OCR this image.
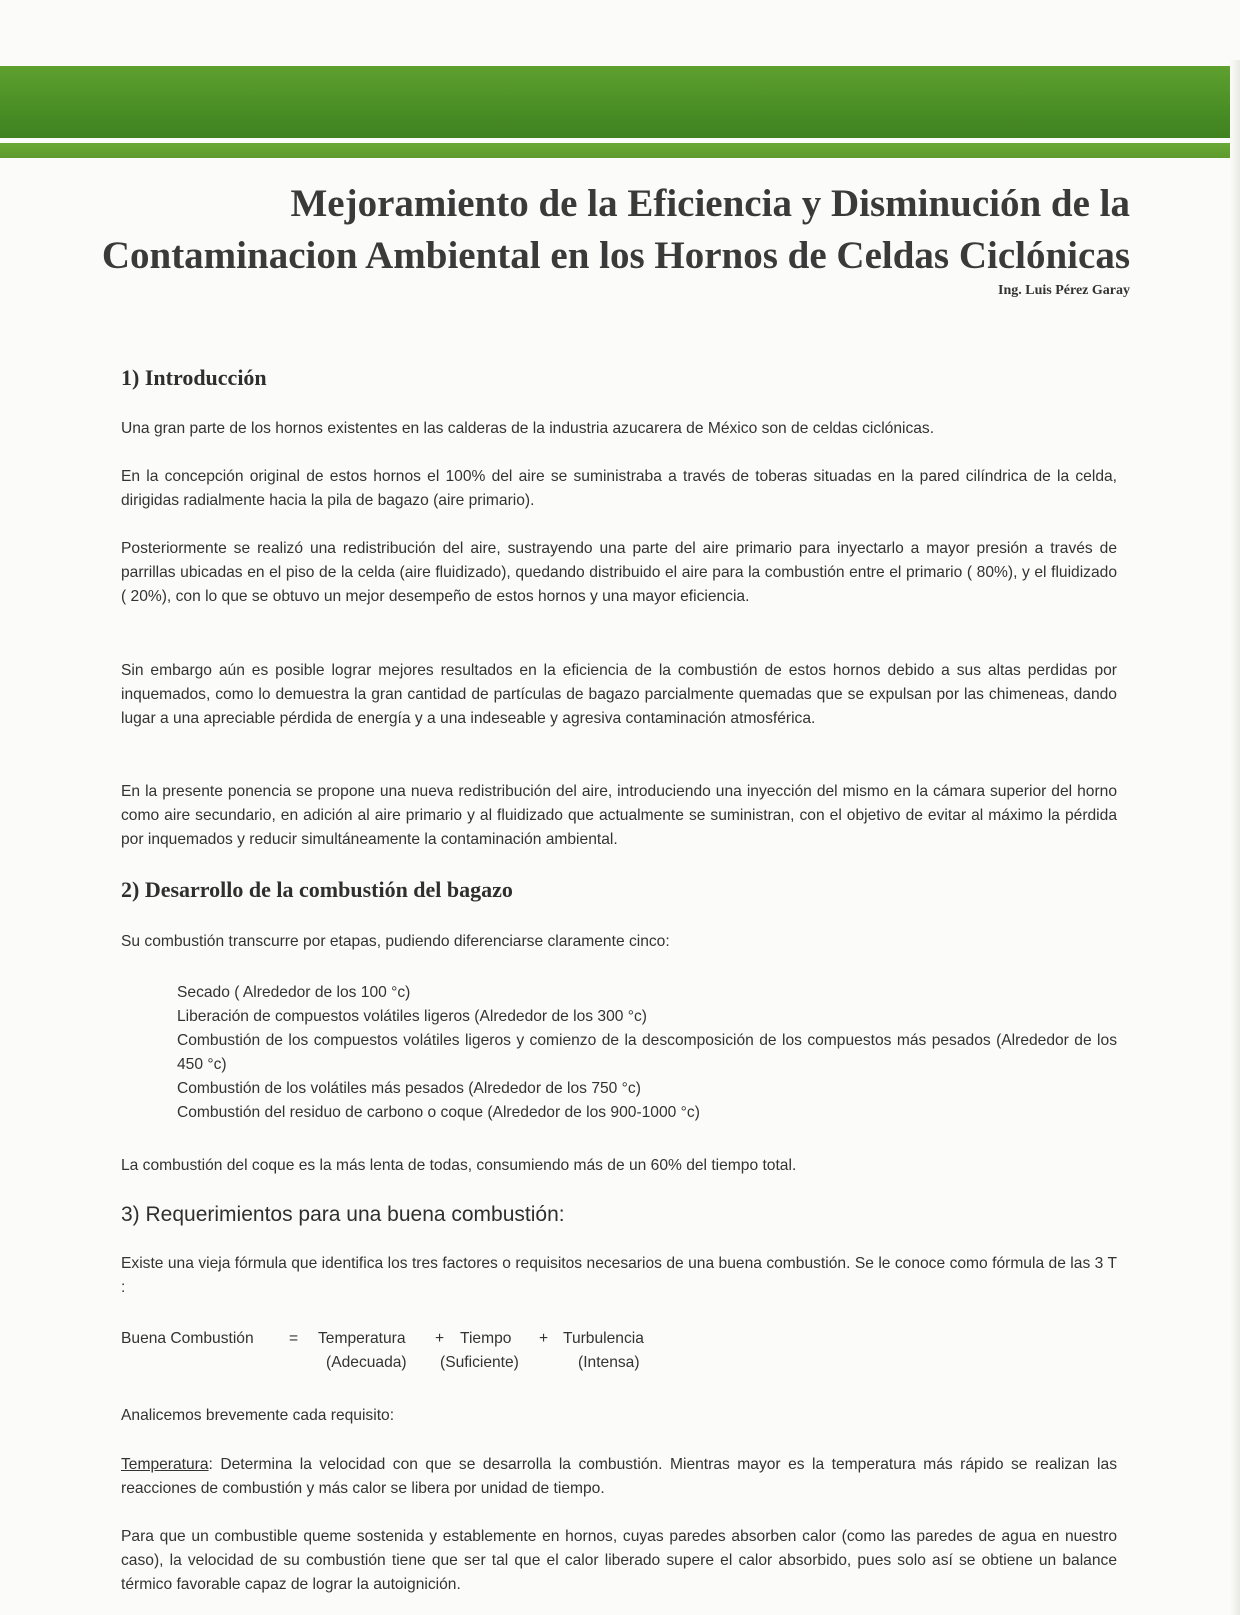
Mejoramiento de la Eficiencia y Disminución de la
Contaminacion Ambiental en los Hornos de Celdas Ciclónicas
Ing. Luis Pérez Garay
1) Introducción

Una gran parte de los hornos existentes en las calderas de la industria azucarera de México son de celdas ciclónicas.

En la concepción original de estos hornos el 100% del aire se suministraba a través de toberas situadas en la pared cilíndrica de la celda, dirigidas radialmente hacia la pila de bagazo (aire primario).

Posteriormente se realizó una redistribución del aire, sustrayendo una parte del aire primario para inyectarlo a mayor presión a través de parrillas ubicadas en el piso de la celda (aire fluidizado), quedando distribuido el aire para la combustión entre el primario ( 80%), y el fluidizado ( 20%), con lo que se obtuvo un mejor desempeño de estos hornos y una mayor eficiencia.

Sin embargo aún es posible lograr mejores resultados en la eficiencia de la combustión de estos hornos debido a sus altas perdidas por inquemados, como lo demuestra la gran cantidad de partículas de bagazo parcialmente quemadas que se expulsan por las chimeneas, dando lugar a una apreciable pérdida de energía y a una indeseable y agresiva contaminación atmosférica.

En la presente ponencia se propone una nueva redistribución del aire, introduciendo una inyección del mismo en la cámara superior del horno como aire secundario, en adición al aire primario y al fluidizado que actualmente se suministran, con el objetivo de evitar al máximo la pérdida por inquemados y reducir simultáneamente la contaminación ambiental.

2) Desarrollo de la combustión del bagazo

Su combustión transcurre por etapas, pudiendo diferenciarse claramente cinco:

Secado ( Alrededor de los 100 °c)
Liberación de compuestos volátiles ligeros (Alrededor de los 300 °c)
Combustión de los compuestos volátiles ligeros y comienzo de la descomposición de los compuestos más pesados (Alrededor de los 450 °c)
Combustión de los volátiles más pesados (Alrededor de los 750 °c)
Combustión del residuo de carbono o coque (Alrededor de los 900-1000 °c)

La combustión del coque es la más lenta de todas, consumiendo más de un 60% del tiempo total.

3) Requerimientos para una buena combustión:

Existe una vieja fórmula que identifica los tres factores o requisitos necesarios de una buena combustión. Se le conoce como fórmula de las 3 T :

Buena Combustión = Temperatura + Tiempo + Turbulencia
(Adecuada) (Suficiente)	(Intensa)

Analicemos brevemente cada requisito:

Temperatura: Determina la velocidad con que se desarrolla la combustión. Mientras mayor es la temperatura más rápido se realizan las reacciones de combustión y más calor se libera por unidad de tiempo.

Para que un combustible queme sostenida y establemente en hornos, cuyas paredes absorben calor (como las paredes de agua en nuestro caso), la velocidad de su combustión tiene que ser tal que el calor liberado supere el calor absorbido, pues solo así se obtiene un balance térmico favorable capaz de lograr la autoignición.
